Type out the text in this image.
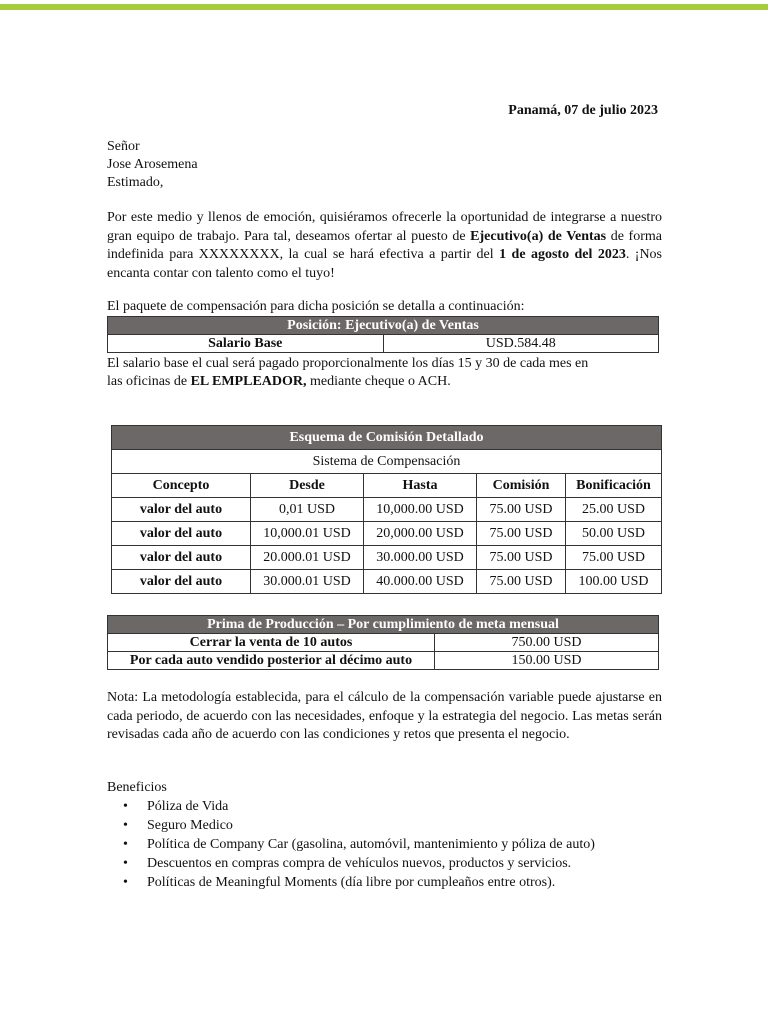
Panamá, 07 de julio 2023
Señor
Jose Arosemena
Estimado,
Por este medio y llenos de emoción, quisiéramos ofrecerle la oportunidad de integrarse a nuestro gran equipo de trabajo. Para tal, deseamos ofertar al puesto de Ejecutivo(a) de Ventas de forma indefinida para XXXXXXXX, la cual se hará efectiva a partir del 1 de agosto del 2023. ¡Nos encanta contar con talento como el tuyo!
El paquete de compensación para dicha posición se detalla a continuación:
Posición: Ejecutivo(a) de Ventas
Salario Base	USD.584.48
El salario base el cual será pagado proporcionalmente los días 15 y 30 de cada mes en
las oficinas de EL EMPLEADOR, mediante cheque o ACH.
Esquema de Comisión Detallado				
Sistema de Compensación				
Concepto	Desde	Hasta	Comisión	Bonificación
valor del auto	0,01 USD	10,000.00 USD	75.00 USD	25.00 USD
valor del auto	10,000.01 USD	20,000.00 USD	75.00 USD	50.00 USD
valor del auto	20.000.01 USD	30.000.00 USD	75.00 USD	75.00 USD
valor del auto	30.000.01 USD	40.000.00 USD	75.00 USD	100.00 USD
Prima de Producción – Por cumplimiento de meta mensual	
Cerrar la venta de 10 autos	750.00 USD
Por cada auto vendido posterior al décimo auto	150.00 USD
Nota: La metodología establecida, para el cálculo de la compensación variable puede ajustarse en cada periodo, de acuerdo con las necesidades, enfoque y la estrategia del negocio. Las metas serán revisadas cada año de acuerdo con las condiciones y retos que presenta el negocio.
Beneficios
• Póliza de Vida
• Seguro Medico
• Política de Company Car (gasolina, automóvil, mantenimiento y póliza de auto)
• Descuentos en compras compra de vehículos nuevos, productos y servicios.
• Políticas de Meaningful Moments (día libre por cumpleaños entre otros).
